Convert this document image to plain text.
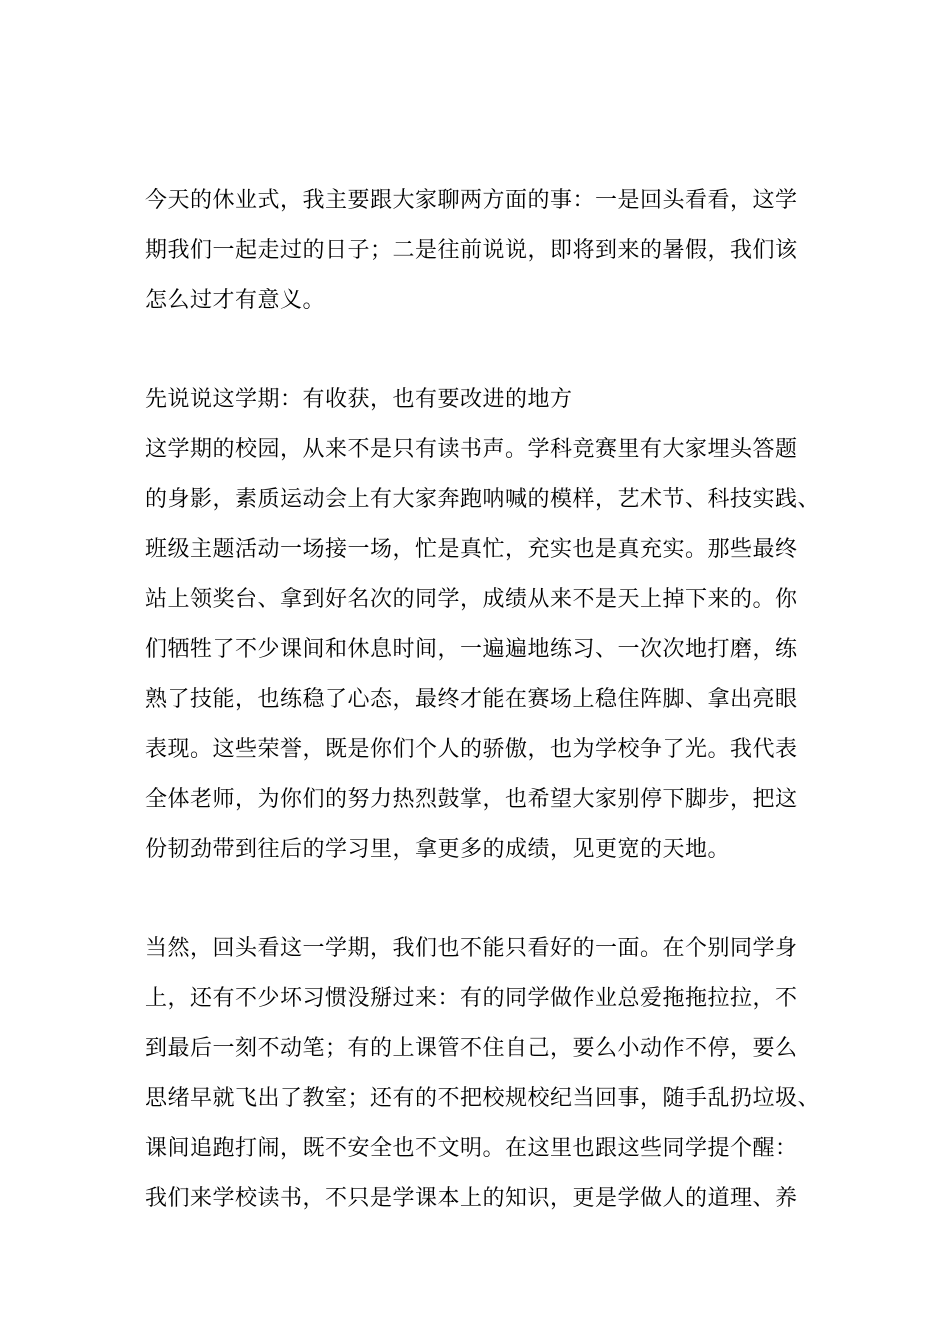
今天的休业式，我主要跟大家聊两方面的事：一是回头看看，这学
期我们一起走过的日子；二是往前说说，即将到来的暑假，我们该
怎么过才有意义。
先说说这学期：有收获，也有要改进的地方
这学期的校园，从来不是只有读书声。学科竞赛里有大家埋头答题
的身影，素质运动会上有大家奔跑呐喊的模样，艺术节、科技实践、
班级主题活动一场接一场，忙是真忙，充实也是真充实。那些最终
站上领奖台、拿到好名次的同学，成绩从来不是天上掉下来的。你
们牺牲了不少课间和休息时间，一遍遍地练习、一次次地打磨，练
熟了技能，也练稳了心态，最终才能在赛场上稳住阵脚、拿出亮眼
表现。这些荣誉，既是你们个人的骄傲，也为学校争了光。我代表
全体老师，为你们的努力热烈鼓掌，也希望大家别停下脚步，把这
份韧劲带到往后的学习里，拿更多的成绩，见更宽的天地。
当然，回头看这一学期，我们也不能只看好的一面。在个别同学身
上，还有不少坏习惯没掰过来：有的同学做作业总爱拖拖拉拉，不
到最后一刻不动笔；有的上课管不住自己，要么小动作不停，要么
思绪早就飞出了教室；还有的不把校规校纪当回事，随手乱扔垃圾、
课间追跑打闹，既不安全也不文明。在这里也跟这些同学提个醒：
我们来学校读书，不只是学课本上的知识，更是学做人的道理、养
